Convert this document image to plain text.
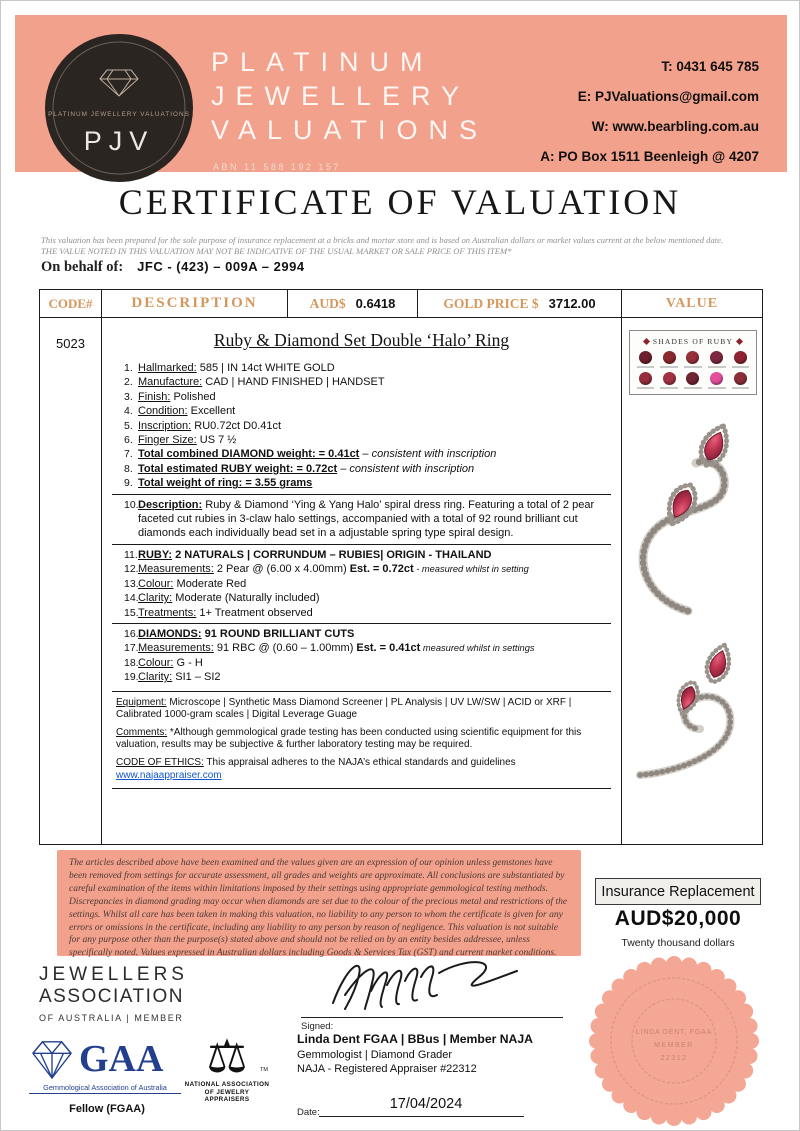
PLATINUM JEWELLERY VALUATIONS
PJV
PLATINUM
JEWELLERY
VALUATIONS
ABN 11 588 192 157
T: 0431 645 785
E: PJValuations@gmail.com
W: www.bearbling.com.au
A: PO Box 1511 Beenleigh @ 4207
CERTIFICATE OF VALUATION
This valuation has been prepared for the sole purpose of insurance replacement at a bricks and mortar store and is based on Australian dollars or market values current at the below mentioned date.
THE VALUE NOTED IN THIS VALUATION MAY NOT BE INDICATIVE OF THE USUAL MARKET OR SALE PRICE OF THIS ITEM*
On behalf of: JFC - (423) – 009A – 2994
CODE#	DESCRIPTION	AUD$ 0.6418	GOLD PRICE $ 3712.00	VALUE
5023	Ruby & Diamond Set Double ‘Halo’ Ring
1. Hallmarked: 585 | IN 14ct WHITE GOLD
2. Manufacture: CAD | HAND FINISHED | HANDSET
3. Finish: Polished
4. Condition: Excellent
5. Inscription: RU0.72ct D0.41ct
6. Finger Size: US 7 ½
7. Total combined DIAMOND weight: = 0.41ct – consistent with inscription
8. Total estimated RUBY weight: = 0.72ct – consistent with inscription
9. Total weight of ring: = 3.55 grams
10. Description: Ruby & Diamond ‘Ying & Yang Halo’ spiral dress ring. Featuring a total of 2 pear faceted cut rubies in 3-claw halo settings, accompanied with a total of 92 round brilliant cut diamonds each individually bead set in a adjustable spring type spiral design.
11. RUBY: 2 NATURALS | CORRUNDUM – RUBIES| ORIGIN - THAILAND
12. Measurements: 2 Pear @ (6.00 x 4.00mm) Est. = 0.72ct - measured whilst in setting
13. Colour: Moderate Red
14. Clarity: Moderate (Naturally included)
15. Treatments: 1+ Treatment observed
16. DIAMONDS: 91 ROUND BRILLIANT CUTS
17. Measurements: 91 RBC @ (0.60 – 1.00mm) Est. = 0.41ct measured whilst in settings
18. Colour: G - H
19. Clarity: SI1 – SI2
Equipment: Microscope | Synthetic Mass Diamond Screener | PL Analysis | UV LW/SW | ACID or XRF | Calibrated 1000-gram scales | Digital Leverage Guage
Comments: *Although gemmological grade testing has been conducted using scientific equipment for this valuation, results may be subjective & further laboratory testing may be required.
CODE OF ETHICS: This appraisal adheres to the NAJA’s ethical standards and guidelines www.najaappraiser.com
SHADES OF RUBY
The articles described above have been examined and the values given are an expression of our opinion unless gemstones have been removed from settings for accurate assessment, all grades and weights are approximate. All conclusions are substantiated by careful examination of the items within limitations imposed by their settings using appropriate gemmological testing methods. Discrepancies in diamond grading may occur when diamonds are set due to the colour of the precious metal and restrictions of the settings. Whilst all care has been taken in making this valuation, no liability to any person to whom the certificate is given for any errors or omissions in the certificate, including any liability to any person by reason of negligence. This valuation is not suitable for any purpose other than the purpose(s) stated above and should not be relied on by an entity besides addressee, unless specifically noted. Values expressed in Australian dollars including Goods & Services Tax (GST) and current market conditions.
Insurance Replacement
AUD$20,000
Twenty thousand dollars
JEWELLERS
ASSOCIATION
OF AUSTRALIA | MEMBER
GAA
Gemmological Association of Australia
Fellow (FGAA)
⚖	TM
NATIONAL ASSOCIATION OF JEWELRY APPRAISERS
Signed:
Linda Dent FGAA | BBus | Member NAJA
Gemmologist | Diamond Grader
NAJA - Registered Appraiser #22312
Date:
17/04/2024
LINDA DENT, FGAA
MEMBER
22312
